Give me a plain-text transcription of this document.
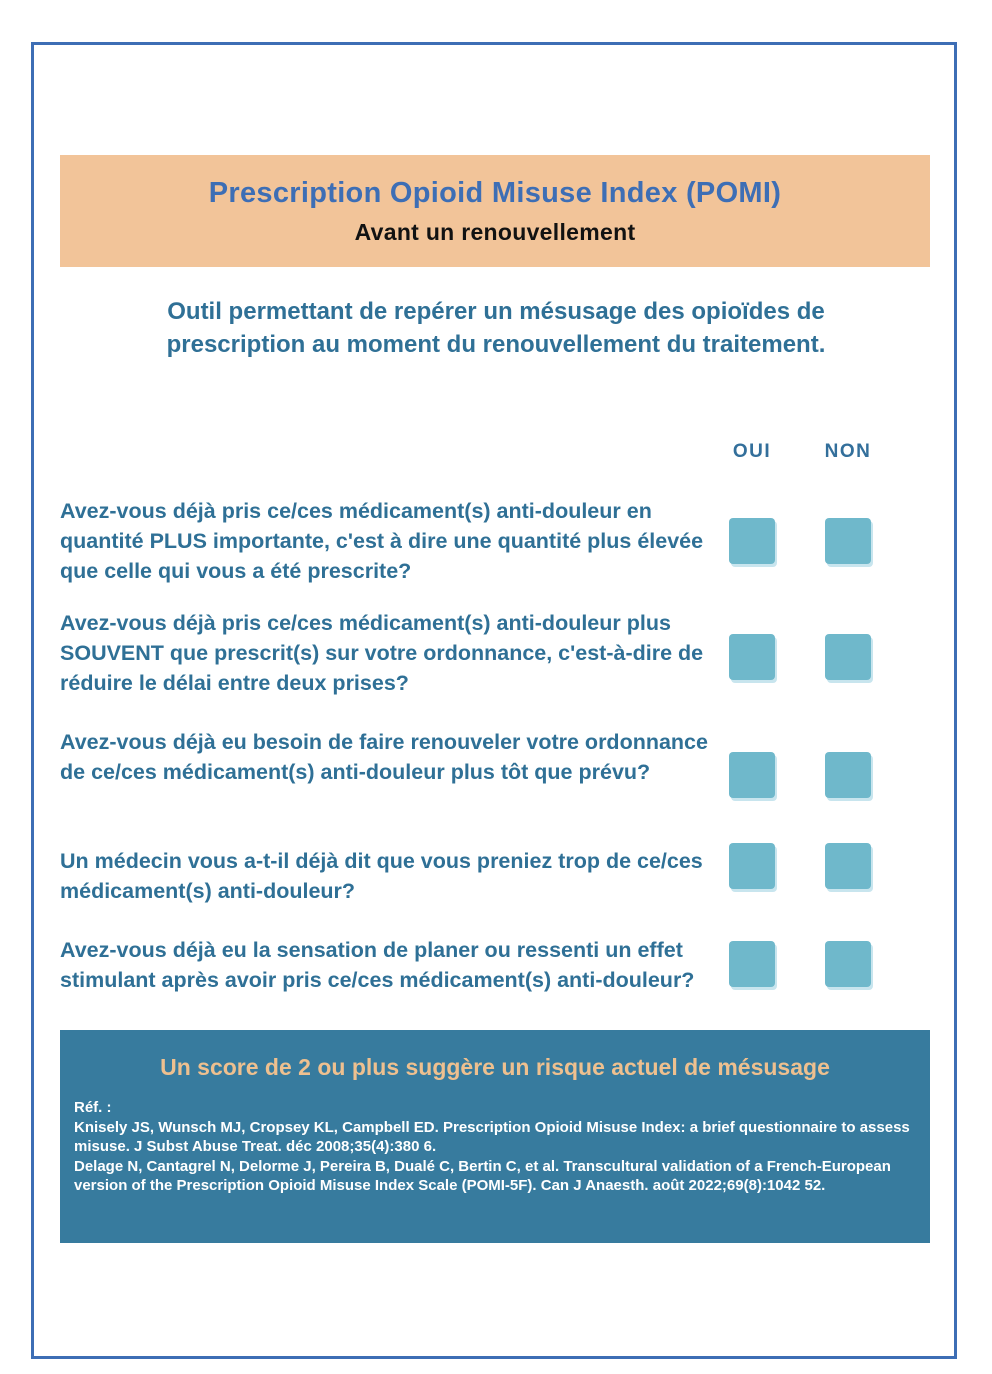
Prescription Opioid Misuse Index (POMI)
Avant un renouvellement
Outil permettant de repérer un mésusage des opioïdes de prescription au moment du renouvellement du traitement.
OUI	NON
Avez-vous déjà pris ce/ces médicament(s) anti-douleur en quantité PLUS importante, c'est à dire une quantité plus élevée que celle qui vous a été prescrite?
Avez-vous déjà pris ce/ces médicament(s) anti-douleur plus SOUVENT que prescrit(s) sur votre ordonnance, c'est-à-dire de réduire le délai entre deux prises?
Avez-vous déjà eu besoin de faire renouveler votre ordonnance de ce/ces médicament(s) anti-douleur plus tôt que prévu?
Un médecin vous a-t-il déjà dit que vous preniez trop de ce/ces médicament(s) anti-douleur?
Avez-vous déjà eu la sensation de planer ou ressenti un effet stimulant après avoir pris ce/ces médicament(s) anti-douleur?
Un score de 2 ou plus suggère un risque actuel de mésusage
Réf. :
Knisely JS, Wunsch MJ, Cropsey KL, Campbell ED. Prescription Opioid Misuse Index: a brief questionnaire to assess misuse. J Subst Abuse Treat. déc 2008;35(4):380 6.
Delage N, Cantagrel N, Delorme J, Pereira B, Dualé C, Bertin C, et al. Transcultural validation of a French-European version of the Prescription Opioid Misuse Index Scale (POMI-5F). Can J Anaesth. août 2022;69(8):1042 52.
